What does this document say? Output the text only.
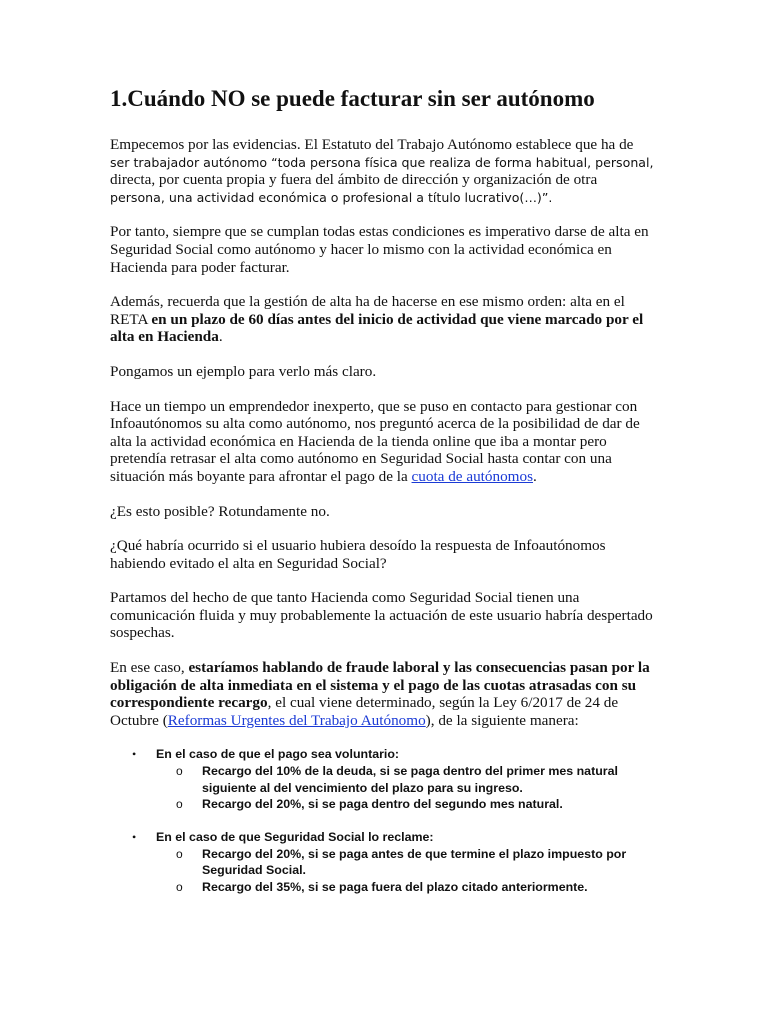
1.Cuándo NO se puede facturar sin ser autónomo

Empecemos por las evidencias. El Estatuto del Trabajo Autónomo establece que ha de
ser trabajador autónomo “toda persona física que realiza de forma habitual, personal,
directa, por cuenta propia y fuera del ámbito de dirección y organización de otra
persona, una actividad económica o profesional a título lucrativo(…)”.

Por tanto, siempre que se cumplan todas estas condiciones es imperativo darse de alta en Seguridad Social como autónomo y hacer lo mismo con la actividad económica en Hacienda para poder facturar.

Además, recuerda que la gestión de alta ha de hacerse en ese mismo orden: alta en el RETA en un plazo de 60 días antes del inicio de actividad que viene marcado por el alta en Hacienda.

Pongamos un ejemplo para verlo más claro.

Hace un tiempo un emprendedor inexperto, que se puso en contacto para gestionar con Infoautónomos su alta como autónomo, nos preguntó acerca de la posibilidad de dar de alta la actividad económica en Hacienda de la tienda online que iba a montar pero pretendía retrasar el alta como autónomo en Seguridad Social hasta contar con una situación más boyante para afrontar el pago de la cuota de autónomos.

¿Es esto posible? Rotundamente no.

¿Qué habría ocurrido si el usuario hubiera desoído la respuesta de Infoautónomos habiendo evitado el alta en Seguridad Social?

Partamos del hecho de que tanto Hacienda como Seguridad Social tienen una comunicación fluida y muy probablemente la actuación de este usuario habría despertado sospechas.

En ese caso, estaríamos hablando de fraude laboral y las consecuencias pasan por la obligación de alta inmediata en el sistema y el pago de las cuotas atrasadas con su correspondiente recargo, el cual viene determinado, según la Ley 6/2017 de 24 de Octubre (Reformas Urgentes del Trabajo Autónomo), de la siguiente manera:

• En el caso de que el pago sea voluntario:
o Recargo del 10% de la deuda, si se paga dentro del primer mes natural siguiente al del vencimiento del plazo para su ingreso.
o Recargo del 20%, si se paga dentro del segundo mes natural.
• En el caso de que Seguridad Social lo reclame:
o Recargo del 20%, si se paga antes de que termine el plazo impuesto por Seguridad Social.
o Recargo del 35%, si se paga fuera del plazo citado anteriormente.
